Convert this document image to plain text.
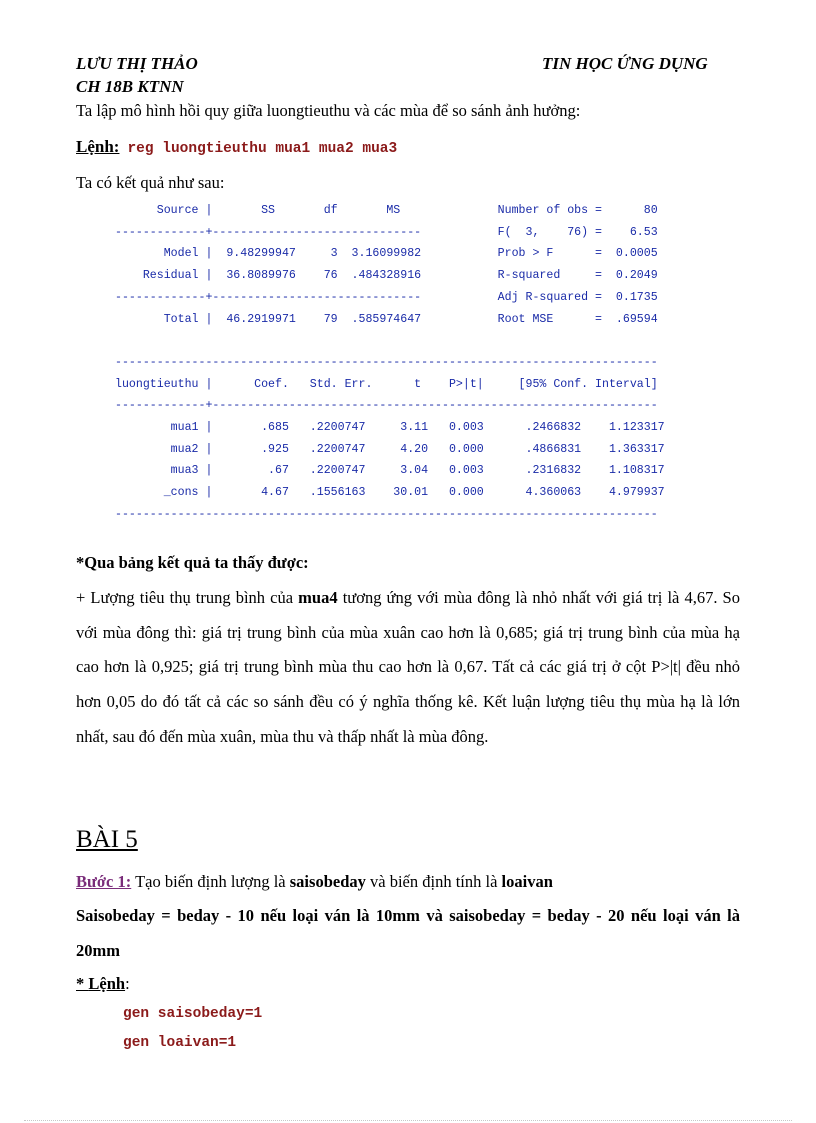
LƯU THỊ THẢO
CH 18B KTNN
TIN HỌC ỨNG DỤNG
Ta lập mô hình hồi quy giữa luongtieuthu và các mùa để so sánh ảnh hưởng:
Lệnh: reg luongtieuthu mua1 mua2 mua3
Ta có kết quả như sau:

Source |       SS       df       MS              Number of obs =      80

-------------+------------------------------           F(  3,    76) =    6.53

Model |  9.48299947     3  3.16099982           Prob > F      =  0.0005

Residual |  36.8089976    76  .484328916           R-squared     =  0.2049

-------------+------------------------------           Adj R-squared =  0.1735

Total |  46.2919971    79  .585974647           Root MSE      =  .69594

------------------------------------------------------------------------------

luongtieuthu |      Coef.   Std. Err.      t    P>|t|     [95% Conf. Interval]

-------------+----------------------------------------------------------------

mua1 |       .685   .2200747     3.11   0.003      .2466832    1.123317

mua2 |       .925   .2200747     4.20   0.000      .4866831    1.363317

mua3 |        .67   .2200747     3.04   0.003      .2316832    1.108317

_cons |       4.67   .1556163    30.01   0.000      4.360063    4.979937

------------------------------------------------------------------------------

*Qua bảng kết quả ta thấy được:
+ Lượng tiêu thụ trung bình của mua4 tương ứng với mùa đông là nhỏ nhất với giá trị là 4,67. So với mùa đông thì: giá trị trung bình của mùa xuân cao hơn là 0,685; giá trị trung bình của mùa hạ cao hơn là 0,925; giá trị trung bình mùa thu cao hơn là 0,67. Tất cả các giá trị ở cột P>|t| đều nhỏ hơn 0,05 do đó tất cả các so sánh đều có ý nghĩa thống kê. Kết luận lượng tiêu thụ mùa hạ là lớn nhất, sau đó đến mùa xuân, mùa thu và thấp nhất là mùa đông.
BÀI 5
Bước 1: Tạo biến định lượng là saisobeday và biến định tính là loaivan
Saisobeday = beday - 10 nếu loại ván là 10mm và saisobeday = beday - 20 nếu loại ván là 20mm
* Lệnh:
gen saisobeday=1
gen loaivan=1
